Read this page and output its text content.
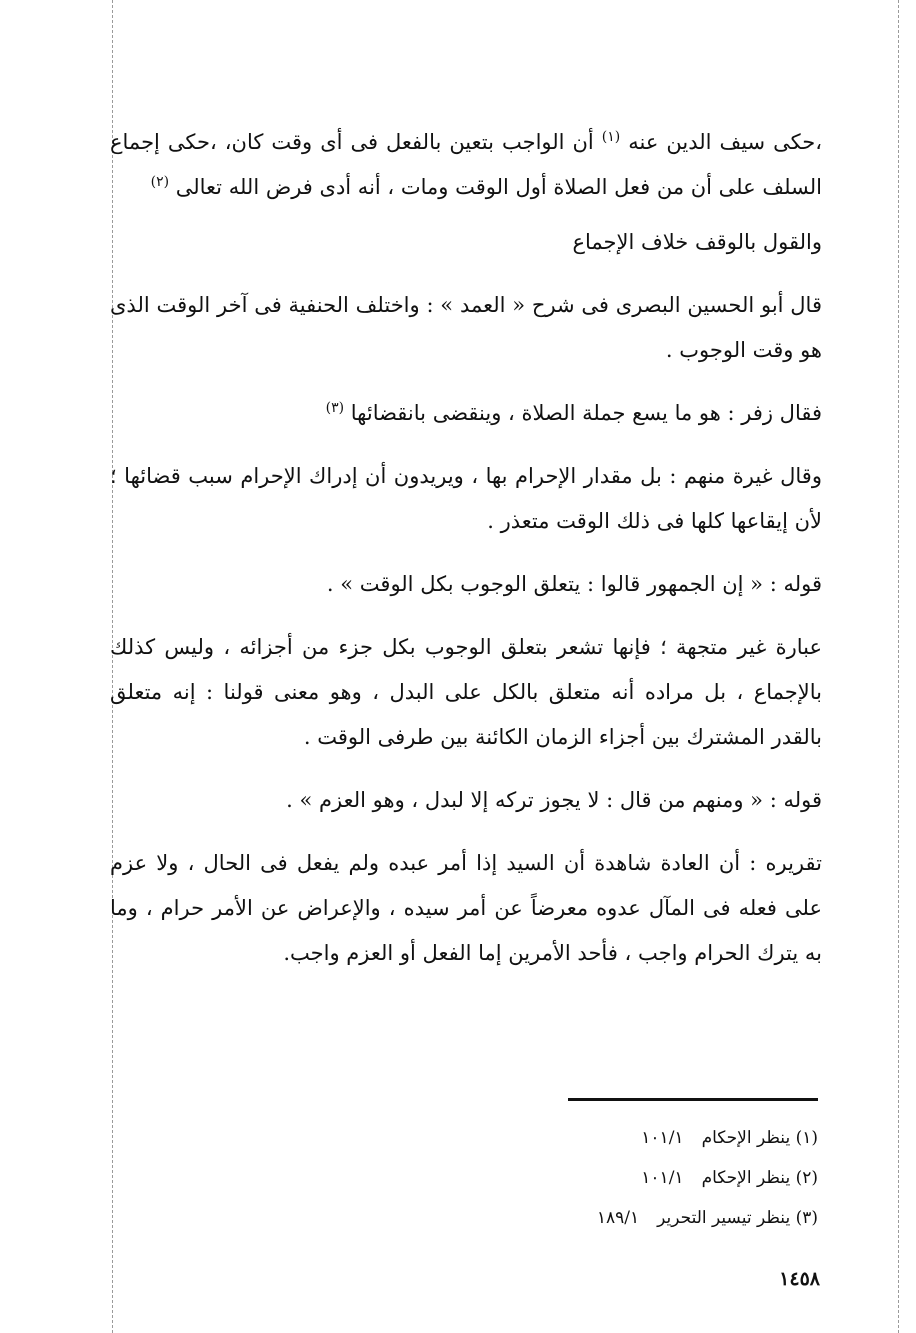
،حكى سيف الدين عنه $^{(١)}$ أن الواجب بتعين بالفعل فى أى وقت كان، ،حكى إجماع السلف على أن من فعل الصلاة أول الوقت ومات ، أنه أدى فرض الله تعالى $^{(٢)}$

والقول بالوقف خلاف الإجماع

قال أبو الحسين البصرى فى شرح « العمد » : واختلف الحنفية فى آخر الوقت الذى هو وقت الوجوب .

فقال زفر : هو ما يسع جملة الصلاة ، وينقضى بانقضائها $^{(٣)}$

وقال غيرة منهم : بل مقدار الإحرام بها ، ويريدون أن إدراك الإحرام سبب قضائها ؛ لأن إيقاعها كلها فى ذلك الوقت متعذر .

قوله : « إن الجمهور قالوا : يتعلق الوجوب بكل الوقت » .

عبارة غير متجهة ؛ فإنها تشعر بتعلق الوجوب بكل جزء من أجزائه ، وليس كذلك بالإجماع ، بل مراده أنه متعلق بالكل على البدل ، وهو معنى قولنا : إنه متعلق بالقدر المشترك بين أجزاء الزمان الكائنة بين طرفى الوقت .

قوله : « ومنهم من قال : لا يجوز تركه إلا لبدل ، وهو العزم » .

تقريره : أن العادة شاهدة أن السيد إذا أمر عبده ولم يفعل فى الحال ، ولا عزم على فعله فى المآل عدوه معرضاً عن أمر سيده ، والإعراض عن الأمر حرام ، وما به يترك الحرام واجب ، فأحد الأمرين إما الفعل أو العزم واجب.

(١) ينظر الإحكام١٠١/١
(٢) ينظر الإحكام١٠١/١
(٣) ينظر تيسير التحرير١٨٩/١
١٤٥٨
